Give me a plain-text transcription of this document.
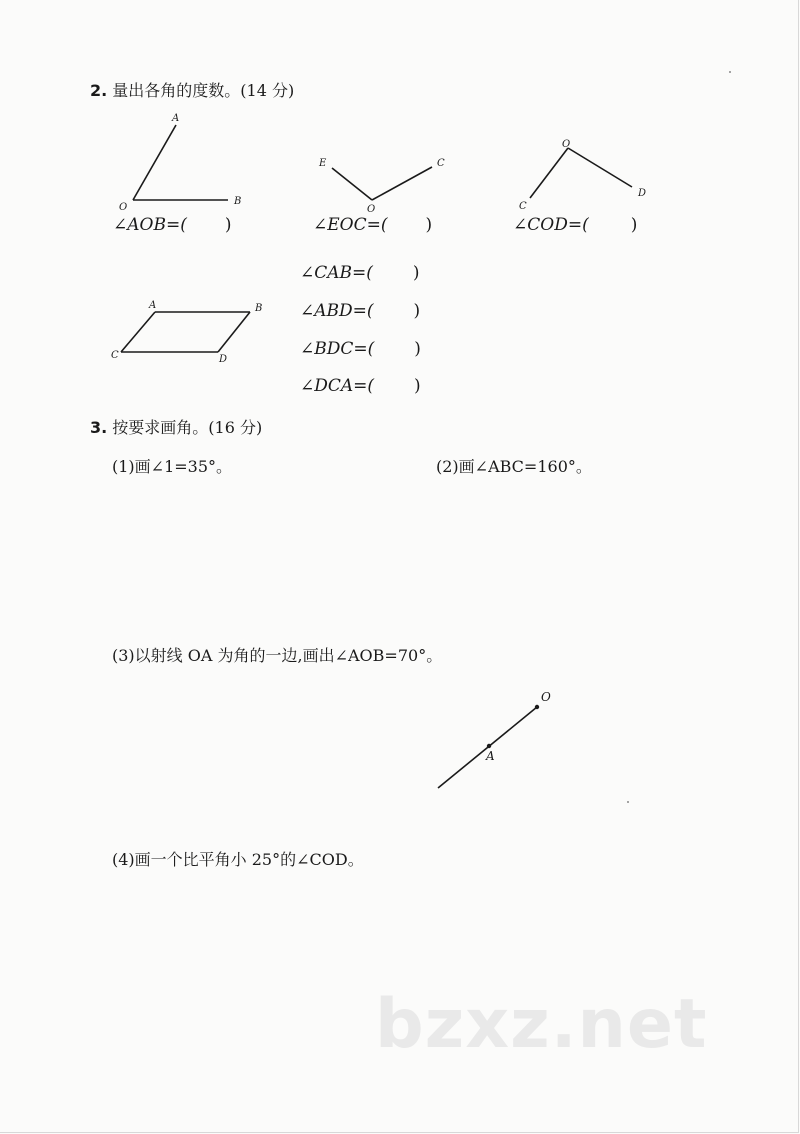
2. 量出各角的度数。(14 分)
A
O
B
E
O
C
O
C
D
A	B
C	D
O
A
∠AOB=( )	∠EOC=( )	∠COD=( )
∠CAB=( )
∠ABD=( )
∠BDC=( )
∠DCA=( )
3. 按要求画角。(16 分)
(1)画∠1=35°。	(2)画∠ABC=160°。
(3)以射线 OA 为角的一边,画出∠AOB=70°。
(4)画一个比平角小 25°的∠COD。
bzxz.net
